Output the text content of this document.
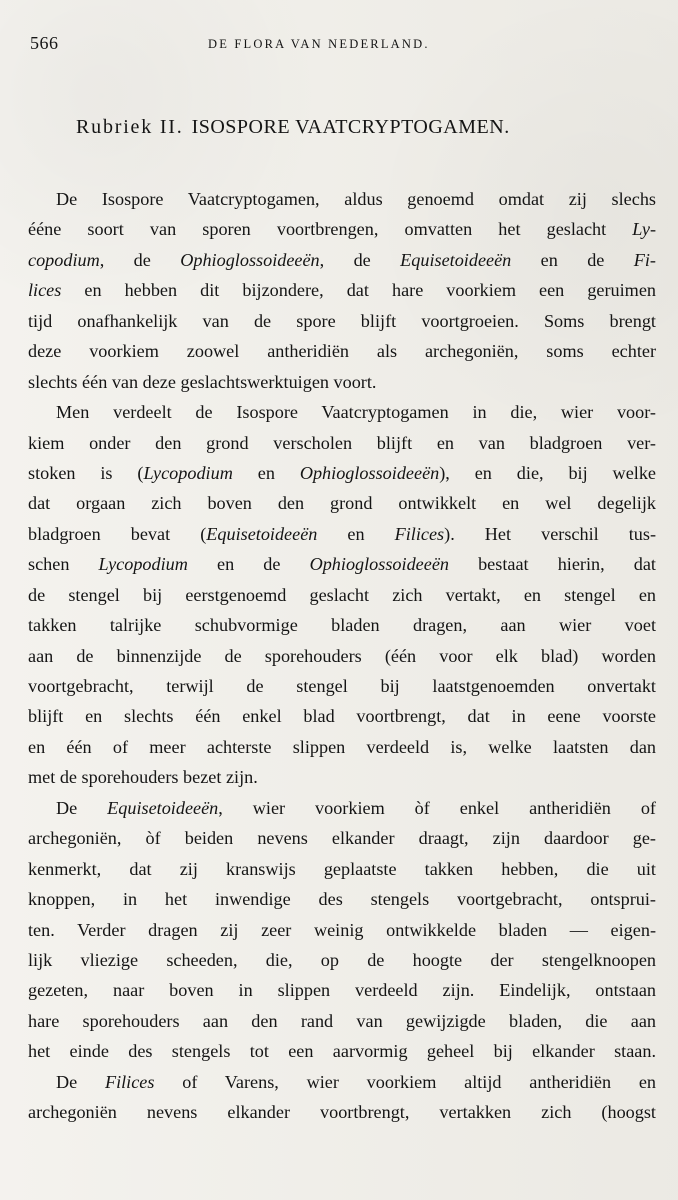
566	DE FLORA VAN NEDERLAND.
Rubriek II. ISOSPORE VAATCRYPTOGAMEN.
De Isospore Vaatcryptogamen, aldus genoemd omdat zij slechs
ééne soort van sporen voortbrengen, omvatten het geslacht Ly-
copodium, de Ophioglossoideeën, de Equisetoideeën en de Fi-
lices en hebben dit bijzondere, dat hare voorkiem een geruimen
tijd onafhankelijk van de spore blijft voortgroeien. Soms brengt
deze voorkiem zoowel antheridiën als archegoniën, soms echter
slechts één van deze geslachtswerktuigen voort.
Men verdeelt de Isospore Vaatcryptogamen in die, wier voor-
kiem onder den grond verscholen blijft en van bladgroen ver-
stoken is (Lycopodium en Ophioglossoideeën), en die, bij welke
dat orgaan zich boven den grond ontwikkelt en wel degelijk
bladgroen bevat (Equisetoideeën en Filices). Het verschil tus-
schen Lycopodium en de Ophioglossoideeën bestaat hierin, dat
de stengel bij eerstgenoemd geslacht zich vertakt, en stengel en
takken talrijke schubvormige bladen dragen, aan wier voet
aan de binnenzijde de sporehouders (één voor elk blad) worden
voortgebracht, terwijl de stengel bij laatstgenoemden onvertakt
blijft en slechts één enkel blad voortbrengt, dat in eene voorste
en één of meer achterste slippen verdeeld is, welke laatsten dan
met de sporehouders bezet zijn.
De Equisetoideeën, wier voorkiem òf enkel antheridiën of
archegoniën, òf beiden nevens elkander draagt, zijn daardoor ge-
kenmerkt, dat zij kranswijs geplaatste takken hebben, die uit
knoppen, in het inwendige des stengels voortgebracht, ontsprui-
ten. Verder dragen zij zeer weinig ontwikkelde bladen — eigen-
lijk vliezige scheeden, die, op de hoogte der stengelknoopen
gezeten, naar boven in slippen verdeeld zijn. Eindelijk, ontstaan
hare sporehouders aan den rand van gewijzigde bladen, die aan
het einde des stengels tot een aarvormig geheel bij elkander staan.
De Filices of Varens, wier voorkiem altijd antheridiën en
archegoniën nevens elkander voortbrengt, vertakken zich (hoogst
